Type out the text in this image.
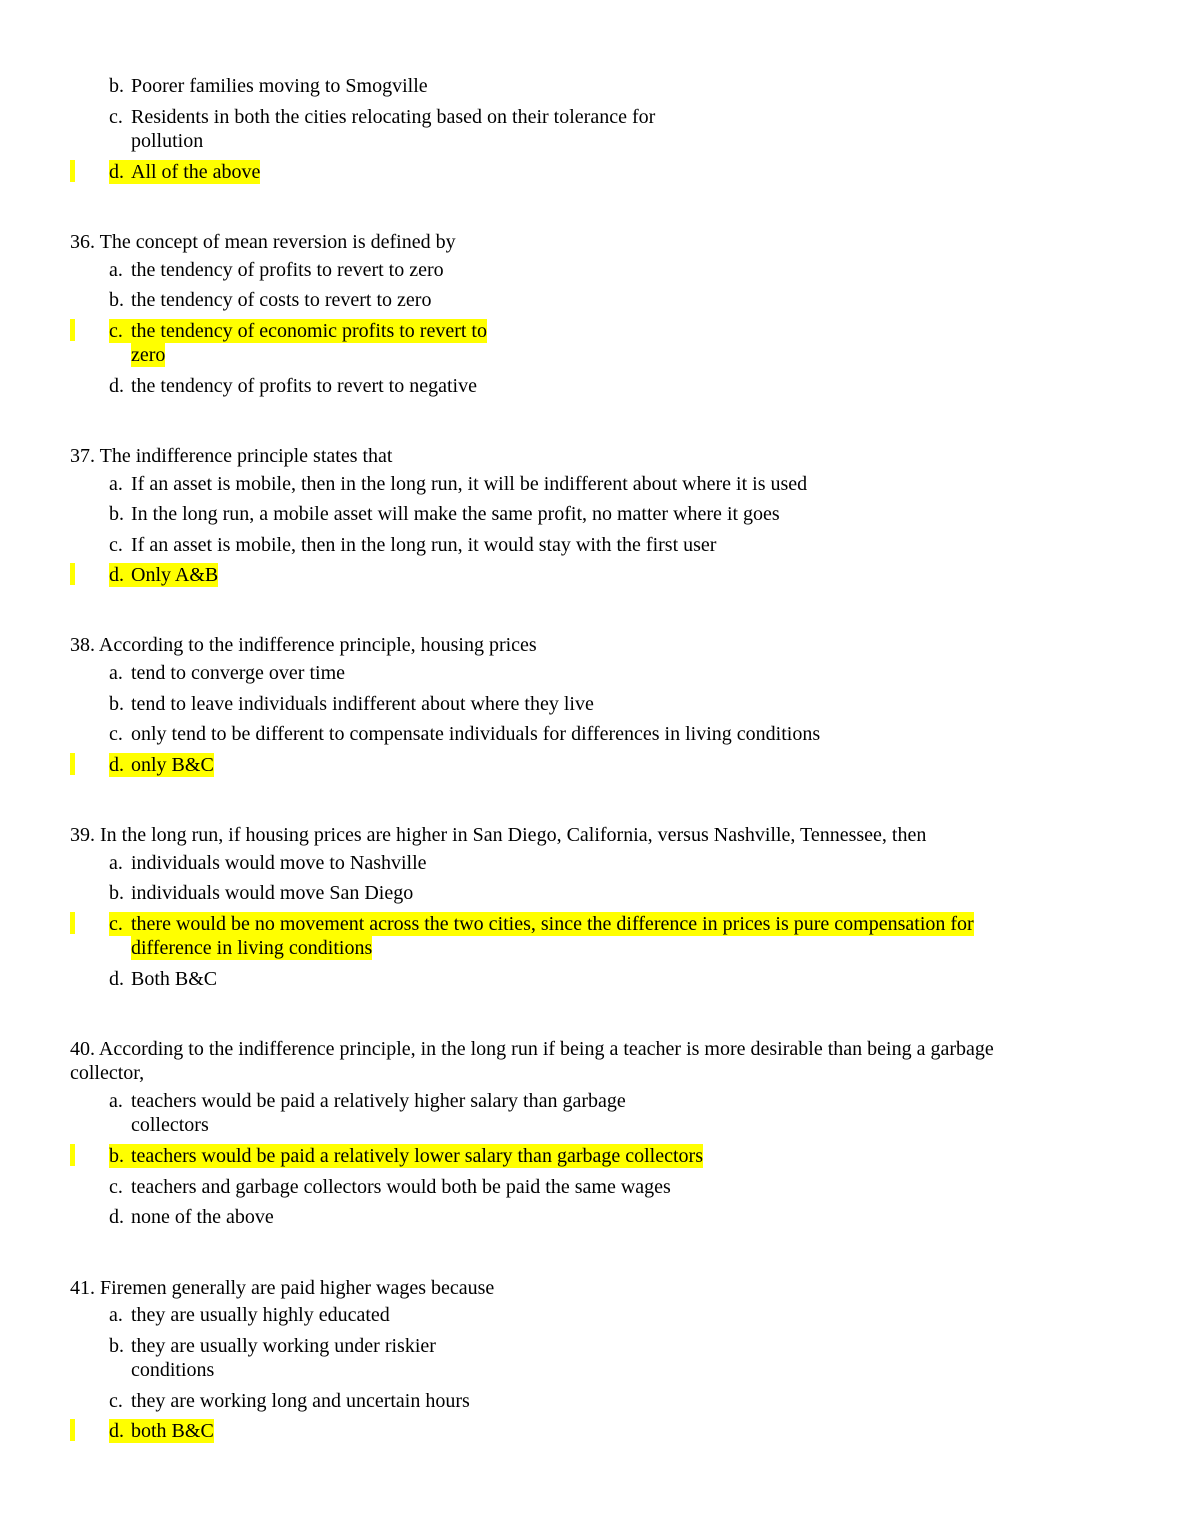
b. Poorer families moving to Smogville
c. Residents in both the cities relocating based on their tolerance for
pollution
d. All of the above
36. The concept of mean reversion is defined by
a. the tendency of profits to revert to zero
b. the tendency of costs to revert to zero
c. the tendency of economic profits to revert to
zero
d. the tendency of profits to revert to negative
37. The indifference principle states that
a. If an asset is mobile, then in the long run, it will be indifferent about where it is used
b. In the long run, a mobile asset will make the same profit, no matter where it goes
c. If an asset is mobile, then in the long run, it would stay with the first user
d. Only A&B
38. According to the indifference principle, housing prices
a. tend to converge over time
b. tend to leave individuals indifferent about where they live
c. only tend to be different to compensate individuals for differences in living conditions
d. only B&C
39. In the long run, if housing prices are higher in San Diego, California, versus Nashville, Tennessee, then
a. individuals would move to Nashville
b. individuals would move San Diego
c. there would be no movement across the two cities, since the difference in prices is pure compensation for
difference in living conditions
d. Both B&C
40. According to the indifference principle, in the long run if being a teacher is more desirable than being a garbage
collector,
a. teachers would be paid a relatively higher salary than garbage
collectors
b. teachers would be paid a relatively lower salary than garbage collectors
c. teachers and garbage collectors would both be paid the same wages
d. none of the above
41. Firemen generally are paid higher wages because
a. they are usually highly educated
b. they are usually working under riskier
conditions
c. they are working long and uncertain hours
d. both B&C
